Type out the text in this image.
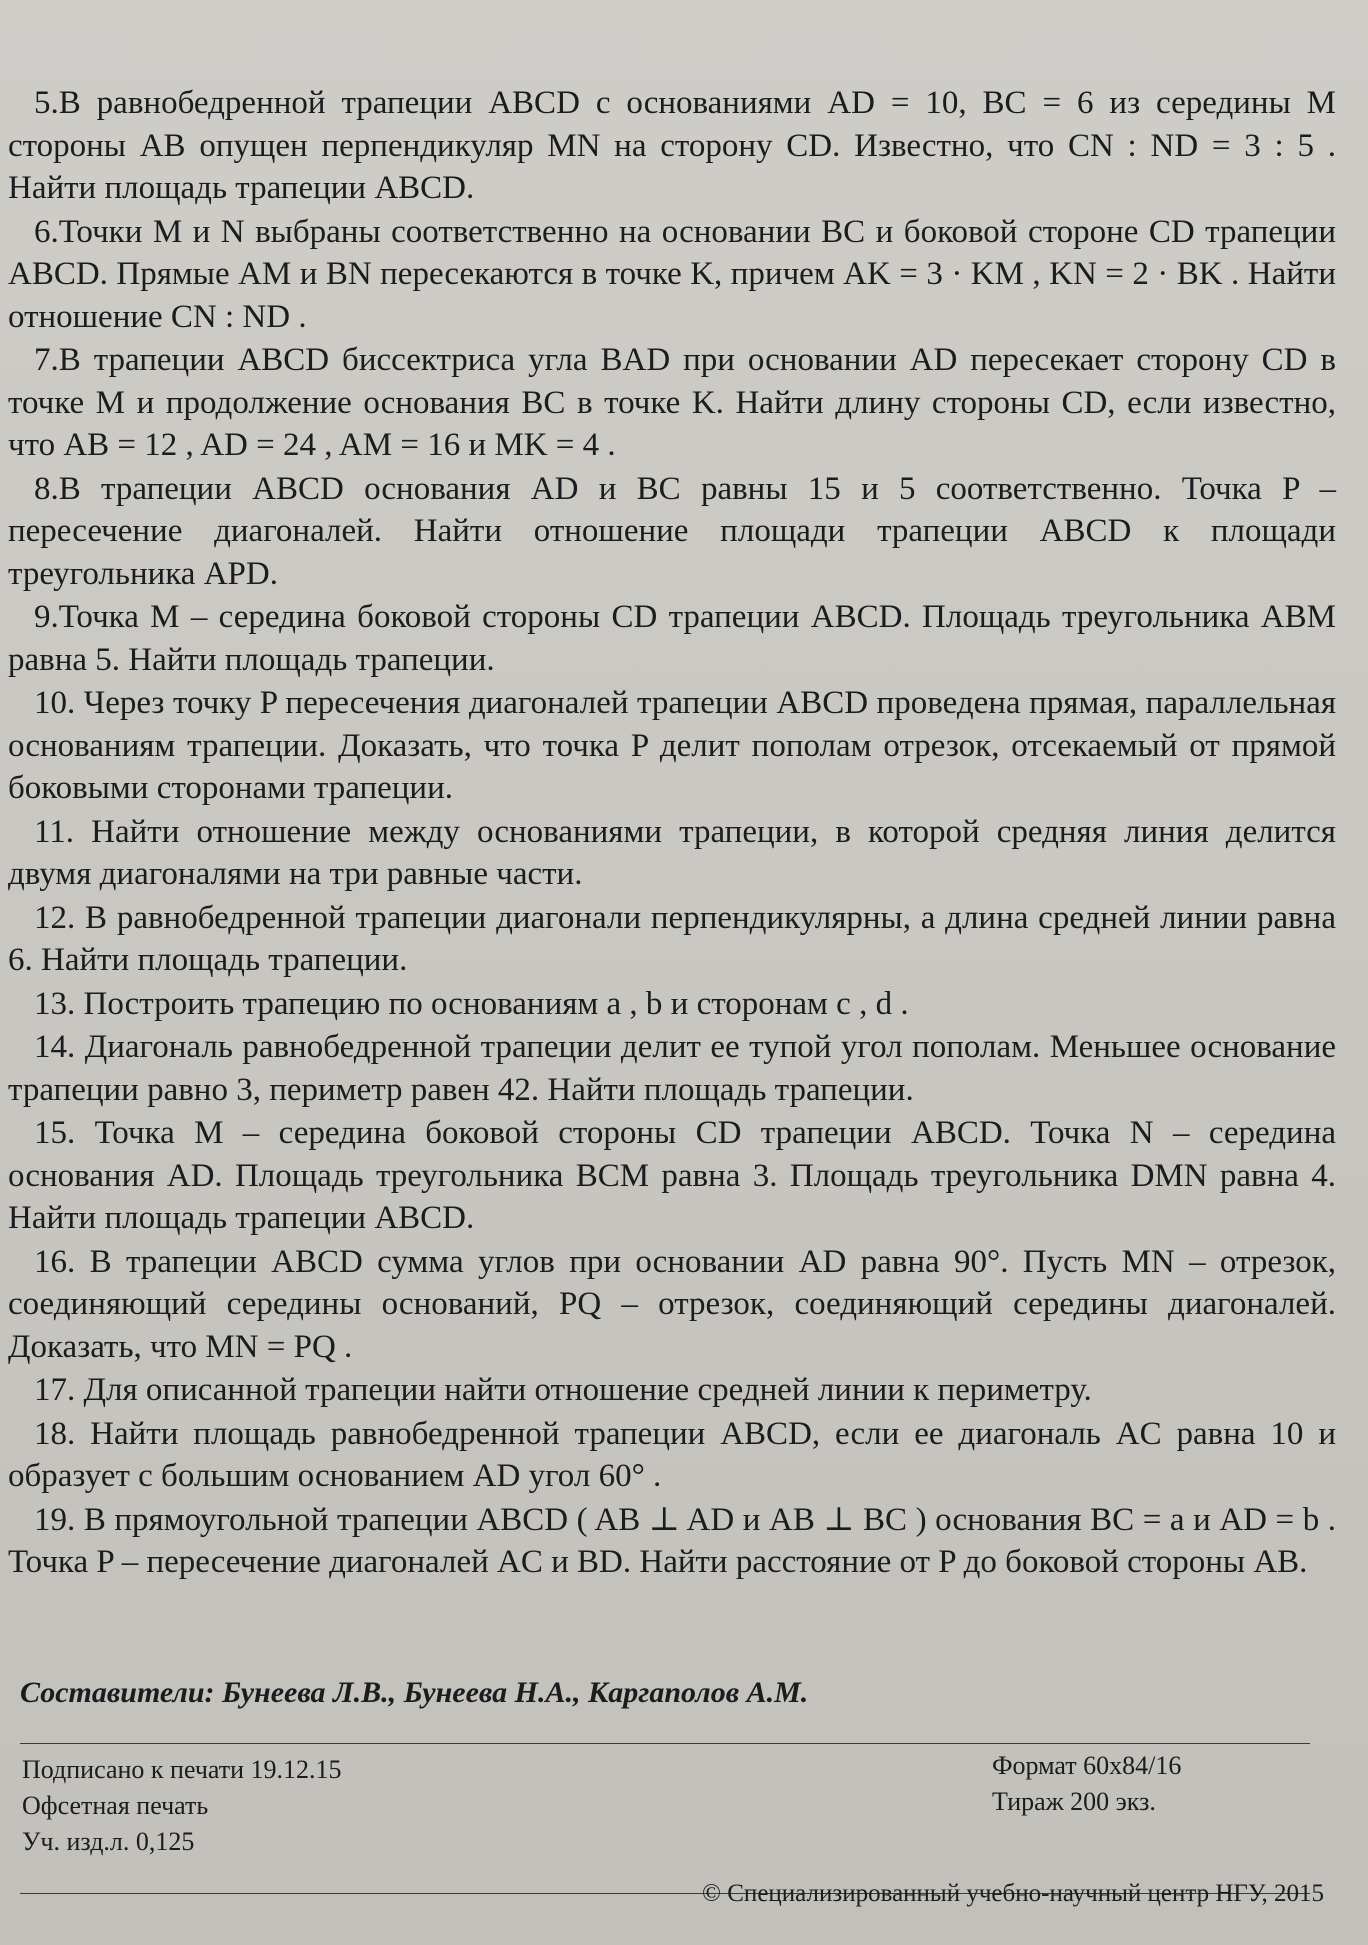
5.В равнобедренной трапеции ABCD с основаниями AD = 10, BC = 6 из середины M стороны AB опущен перпендикуляр MN на сторону CD. Известно, что CN : ND = 3 : 5 . Найти площадь трапеции ABCD.

6.Точки M и N выбраны соответственно на основании BC и боковой стороне CD трапеции ABCD. Прямые AM и BN пересекаются в точке K, причем AK = 3 · KM , KN = 2 · BK . Найти отношение CN : ND .

7.В трапеции ABCD биссектриса угла BAD при основании AD пересекает сторону CD в точке M и продолжение основания BC в точке K. Найти длину стороны CD, если известно, что AB = 12 , AD = 24 , AM = 16 и MK = 4 .

8.В трапеции ABCD основания AD и BC равны 15 и 5 соответственно. Точка P – пересечение диагоналей. Найти отношение площади трапеции ABCD к площади треугольника APD.

9.Точка M – середина боковой стороны CD трапеции ABCD. Площадь треугольника ABM равна 5. Найти площадь трапеции.

10. Через точку P пересечения диагоналей трапеции ABCD проведена прямая, параллельная основаниям трапеции. Доказать, что точка P делит пополам отрезок, отсекаемый от прямой боковыми сторонами трапеции.

11. Найти отношение между основаниями трапеции, в которой средняя линия делится двумя диагоналями на три равные части.

12. В равнобедренной трапеции диагонали перпендикулярны, а длина средней линии равна 6. Найти площадь трапеции.

13. Построить трапецию по основаниям a , b и сторонам c , d .

14. Диагональ равнобедренной трапеции делит ее тупой угол пополам. Меньшее основание трапеции равно 3, периметр равен 42. Найти площадь трапеции.

15. Точка М – середина боковой стороны CD трапеции ABCD. Точка N – середина основания AD. Площадь треугольника BCM равна 3. Площадь треугольника DMN равна 4. Найти площадь трапеции ABCD.

16. В трапеции ABCD сумма углов при основании AD равна 90°. Пусть MN – отрезок, соединяющий середины оснований, PQ – отрезок, соединяющий середины диагоналей. Доказать, что MN = PQ .

17. Для описанной трапеции найти отношение средней линии к периметру.

18. Найти площадь равнобедренной трапеции ABCD, если ее диагональ AC равна 10 и образует с большим основанием AD угол 60° .

19. В прямоугольной трапеции ABCD ( AB ⊥ AD и AB ⊥ BC ) основания BC = a и AD = b . Точка P – пересечение диагоналей AC и BD. Найти расстояние от P до боковой стороны AB.

Составители: Бунеева Л.В., Бунеева Н.А., Каргаполов А.М.
Подписано к печати 19.12.15
Офсетная печать
Уч. изд.л. 0,125
Формат 60x84/16
Тираж 200 экз.
© Специализированный учебно-научный центр НГУ, 2015
